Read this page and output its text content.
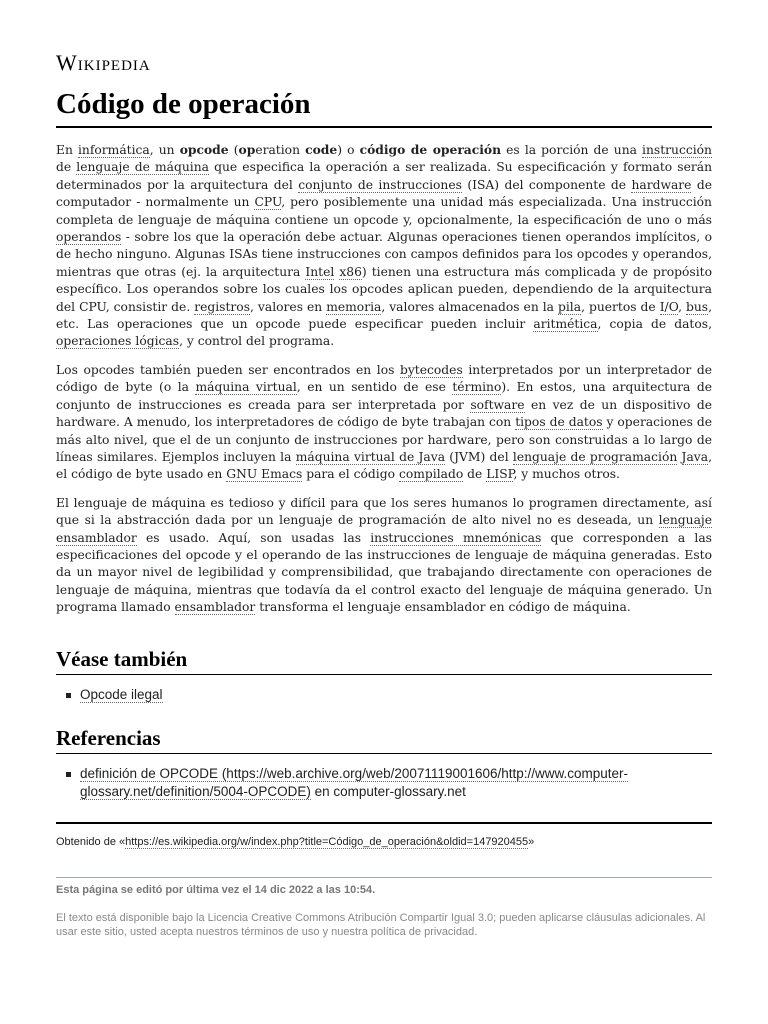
Wikipedia
Código de operación

En informática, un opcode (operation code) o código de operación es la porción de una instrucción de lenguaje de máquina que especifica la operación a ser realizada. Su especificación y formato serán determinados por la arquitectura del conjunto de instrucciones (ISA) del componente de hardware de computador - normalmente un CPU, pero posiblemente una unidad más especializada. Una instrucción completa de lenguaje de máquina contiene un opcode y, opcionalmente, la especificación de uno o más operandos - sobre los que la operación debe actuar. Algunas operaciones tienen operandos implícitos, o de hecho ninguno. Algunas ISAs tiene instrucciones con campos definidos para los opcodes y operandos, mientras que otras (ej. la arquitectura Intel x86) tienen una estructura más complicada y de propósito específico. Los operandos sobre los cuales los opcodes aplican pueden, dependiendo de la arquitectura del CPU, consistir de. registros, valores en memoria, valores almacenados en la pila, puertos de I/O, bus, etc. Las operaciones que un opcode puede especificar pueden incluir aritmética, copia de datos, operaciones lógicas, y control del programa.

Los opcodes también pueden ser encontrados en los bytecodes interpretados por un interpretador de código de byte (o la máquina virtual, en un sentido de ese término). En estos, una arquitectura de conjunto de instrucciones es creada para ser interpretada por software en vez de un dispositivo de hardware. A menudo, los interpretadores de código de byte trabajan con tipos de datos y operaciones de más alto nivel, que el de un conjunto de instrucciones por hardware, pero son construidas a lo largo de líneas similares. Ejemplos incluyen la máquina virtual de Java (JVM) del lenguaje de programación Java, el código de byte usado en GNU Emacs para el código compilado de LISP, y muchos otros.

El lenguaje de máquina es tedioso y difícil para que los seres humanos lo programen directamente, así que si la abstracción dada por un lenguaje de programación de alto nivel no es deseada, un lenguaje ensamblador es usado. Aquí, son usadas las instrucciones mnemónicas que corresponden a las especificaciones del opcode y el operando de las instrucciones de lenguaje de máquina generadas. Esto da un mayor nivel de legibilidad y comprensibilidad, que trabajando directamente con operaciones de lenguaje de máquina, mientras que todavía da el control exacto del lenguaje de máquina generado. Un programa llamado ensamblador transforma el lenguaje ensamblador en código de máquina.

Véase también
Opcode ilegal
Referencias
definición de OPCODE (https://web.archive.org/web/20071119001606/http://www.computer-glossary.net/definition/5004-OPCODE) en computer-glossary.net
Obtenido de «https://es.wikipedia.org/w/index.php?title=Código_de_operación&oldid=147920455»
Esta página se editó por última vez el 14 dic 2022 a las 10:54.
El texto está disponible bajo la Licencia Creative Commons Atribución Compartir Igual 3.0; pueden aplicarse cláusulas adicionales. Al usar este sitio, usted acepta nuestros términos de uso y nuestra política de privacidad.
